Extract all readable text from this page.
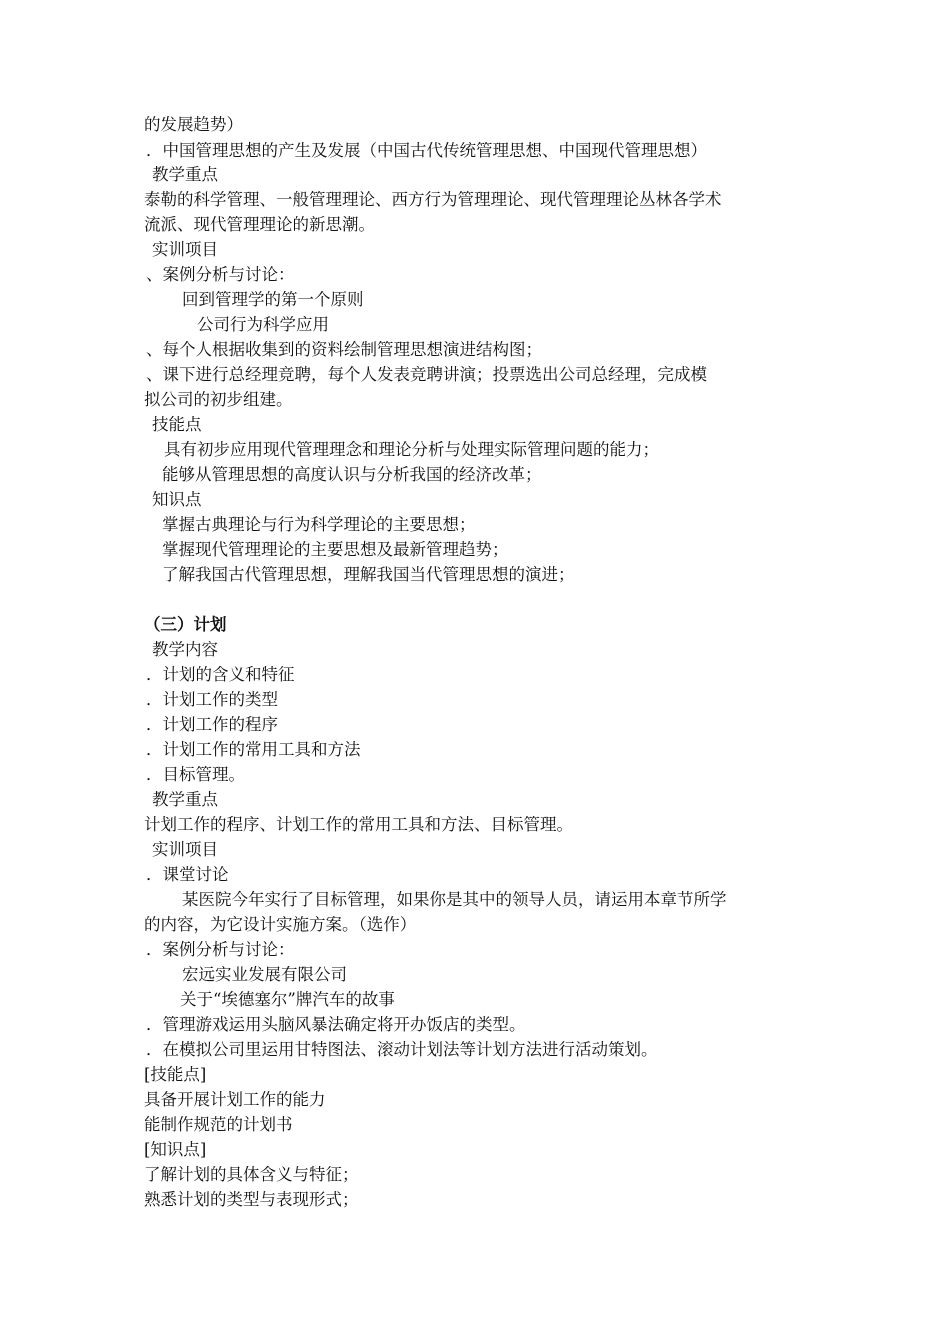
的发展趋势）
．中国管理思想的产生及发展（中国古代传统管理思想、中国现代管理思想）
教学重点
泰勒的科学管理、一般管理理论、西方行为管理理论、现代管理理论丛林各学术
流派、现代管理理论的新思潮。
实训项目
、案例分析与讨论：
回到管理学的第一个原则
公司行为科学应用
、每个人根据收集到的资料绘制管理思想演进结构图；
、课下进行总经理竞聘，每个人发表竞聘讲演；投票选出公司总经理，完成模
拟公司的初步组建。
技能点
具有初步应用现代管理理念和理论分析与处理实际管理问题的能力；
能够从管理思想的高度认识与分析我国的经济改革；
知识点
掌握古典理论与行为科学理论的主要思想；
掌握现代管理理论的主要思想及最新管理趋势；
了解我国古代管理思想，理解我国当代管理思想的演进；
（三）计划
教学内容
．计划的含义和特征
．计划工作的类型
．计划工作的程序
．计划工作的常用工具和方法
．目标管理。
教学重点
计划工作的程序、计划工作的常用工具和方法、目标管理。
实训项目
．课堂讨论
某医院今年实行了目标管理，如果你是其中的领导人员，请运用本章节所学
的内容，为它设计实施方案。（选作）
．案例分析与讨论：
宏远实业发展有限公司
关于“埃德塞尔”牌汽车的故事
．管理游戏运用头脑风暴法确定将开办饭店的类型。
．在模拟公司里运用甘特图法、滚动计划法等计划方法进行活动策划。
[技能点]
具备开展计划工作的能力
能制作规范的计划书
[知识点]
了解计划的具体含义与特征；
熟悉计划的类型与表现形式；
